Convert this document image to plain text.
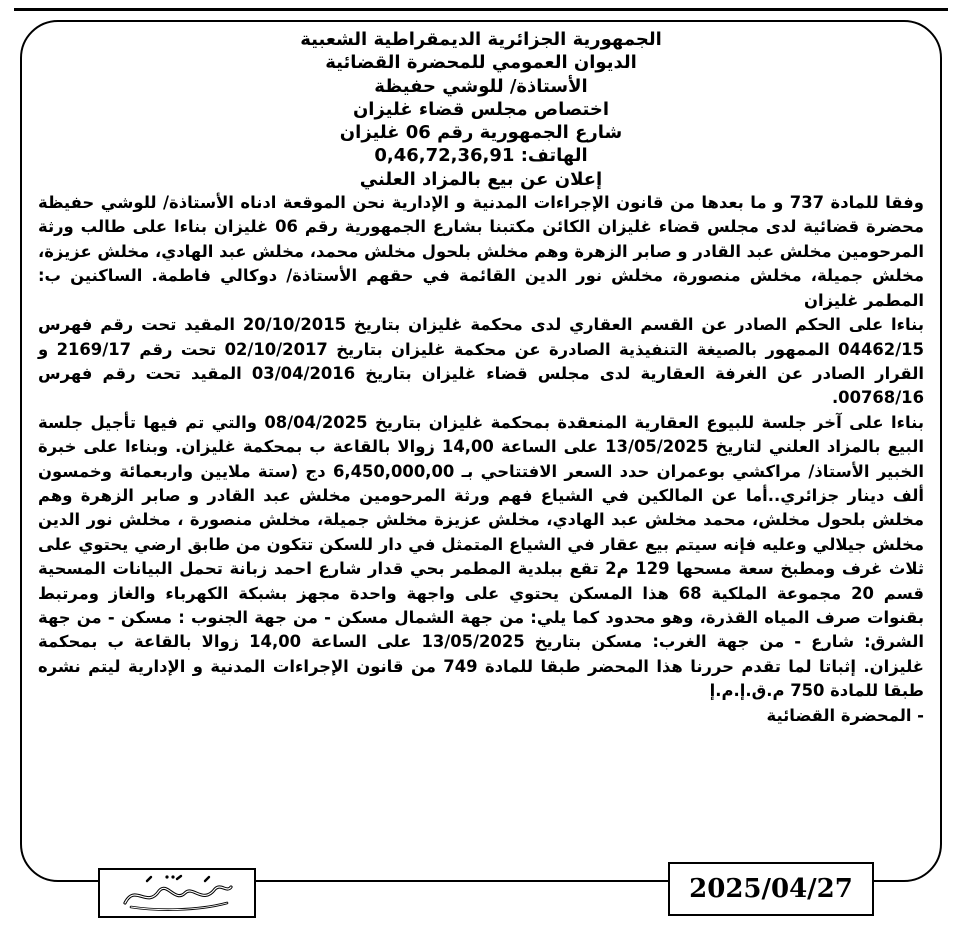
الجمهورية الجزائرية الديمقراطية الشعبية
الديوان العمومي للمحضرة القضائية
الأستاذة/ للوشي حفيظة
اختصاص مجلس قضاء غليزان
شارع الجمهورية رقم 06 غليزان
الهاتف: 0,46,72,36,91
إعلان عن بيع بالمزاد العلني

وفقا للمادة 737 و ما بعدها من قانون الإجراءات المدنية و الإدارية نحن الموقعة ادناه الأستاذة/ للوشي حفيظة محضرة قضائية لدى مجلس قضاء غليزان الكائن مكتبنا بشارع الجمهورية رقم 06 غليزان بناءا على طالب ورثة المرحومين مخلش عبد القادر و صابر الزهرة وهم مخلش بلحول مخلش محمد، مخلش عبد الهادي، مخلش عزيزة، مخلش جميلة، مخلش منصورة، مخلش نور الدين القائمة في حقهم الأستاذة/ دوكالي فاطمة. الساكنين ب: المطمر غليزان

بناءا على الحكم الصادر عن القسم العقاري لدى محكمة غليزان بتاريخ 20/10/2015 المقيد تحت رقم فهرس 04462/15 الممهور بالصيغة التنفيذية الصادرة عن محكمة غليزان بتاريخ 02/10/2017 تحت رقم 2169/17 و القرار الصادر عن الغرفة العقارية لدى مجلس قضاء غليزان بتاريخ 03/04/2016 المقيد تحت رقم فهرس 00768/16.

بناءا على آخر جلسة للبيوع العقارية المنعقدة بمحكمة غليزان بتاريخ 08/04/2025 والتي تم فيها تأجيل جلسة البيع بالمزاد العلني لتاريخ 13/05/2025 على الساعة 14,00 زوالا بالقاعة ب بمحكمة غليزان. وبناءا على خبرة الخبير الأستاذ/ مراكشي بوعمران حدد السعر الافتتاحي بـ 6,450,000,00 دج (ستة ملايين واربعمائة وخمسون ألف دينار جزائري..أما عن المالكين في الشياع فهم ورثة المرحومين مخلش عبد القادر و صابر الزهرة وهم مخلش بلحول مخلش، محمد مخلش عبد الهادي، مخلش عزيزة مخلش جميلة، مخلش منصورة ، مخلش نور الدين مخلش جيلالي وعليه فإنه سيتم بيع عقار في الشياع المتمثل في دار للسكن تتكون من طابق ارضي يحتوي على ثلاث غرف ومطبخ سعة مسحها 129 م2 تقع ببلدية المطمر بحي قدار شارع احمد زبانة تحمل البيانات المسحية قسم 20 مجموعة الملكية 68 هذا المسكن يحتوي على واجهة واحدة مجهز بشبكة الكهرباء والغاز ومرتبط بقنوات صرف المياه القذرة، وهو محدود كما يلي: من جهة الشمال مسكن - من جهة الجنوب : مسكن - من جهة الشرق: شارع - من جهة الغرب: مسكن بتاريخ 13/05/2025 على الساعة 14,00 زوالا بالقاعة ب بمحكمة غليزان. إثباتا لما تقدم حررنا هذا المحضر طبقا للمادة 749 من قانون الإجراءات المدنية و الإدارية ليتم نشره طبقا للمادة 750 م.ق.إ.م.إ

- المحضرة القضائية

2025/04/27
